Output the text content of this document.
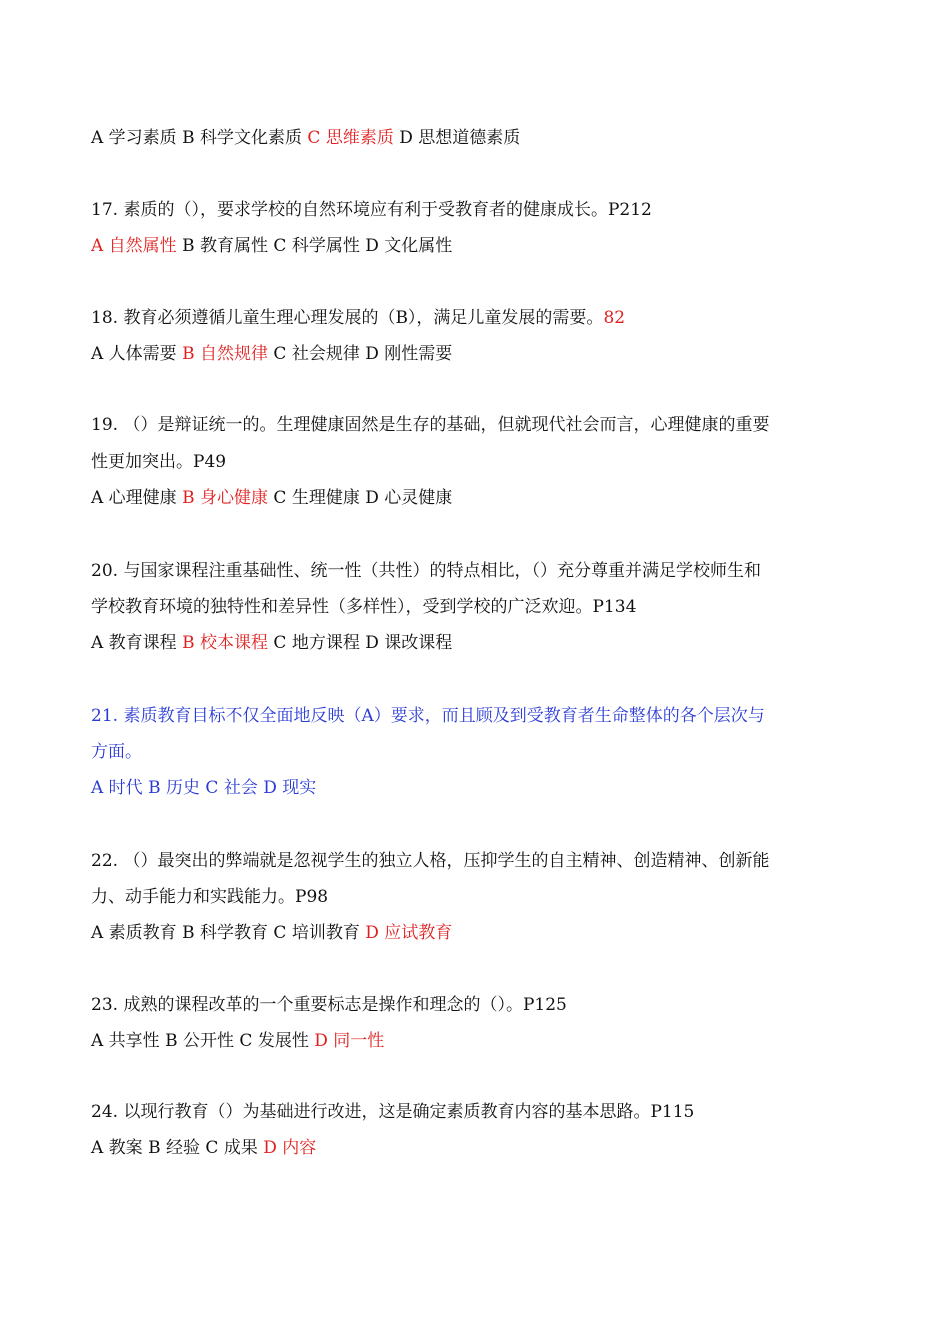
A 学习素质 B 科学文化素质 C 思维素质 D 思想道德素质
17. 素质的（），要求学校的自然环境应有利于受教育者的健康成长。P212
A 自然属性 B 教育属性 C 科学属性 D 文化属性
18. 教育必须遵循儿童生理心理发展的（B），满足儿童发展的需要。82
A 人体需要 B 自然规律 C 社会规律 D 刚性需要
19. （）是辩证统一的。生理健康固然是生存的基础，但就现代社会而言，心理健康的重要
性更加突出。P49
A 心理健康 B 身心健康 C 生理健康 D 心灵健康
20. 与国家课程注重基础性、统一性（共性）的特点相比，（）充分尊重并满足学校师生和
学校教育环境的独特性和差异性（多样性），受到学校的广泛欢迎。P134
A 教育课程 B 校本课程 C 地方课程 D 课改课程
21. 素质教育目标不仅全面地反映（A）要求，而且顾及到受教育者生命整体的各个层次与
方面。
A 时代 B 历史 C 社会 D 现实
22. （）最突出的弊端就是忽视学生的独立人格，压抑学生的自主精神、创造精神、创新能
力、动手能力和实践能力。P98
A 素质教育 B 科学教育 C 培训教育 D 应试教育
23. 成熟的课程改革的一个重要标志是操作和理念的（）。P125
A 共享性 B 公开性 C 发展性 D 同一性
24. 以现行教育（）为基础进行改进，这是确定素质教育内容的基本思路。P115
A 教案 B 经验 C 成果 D 内容
